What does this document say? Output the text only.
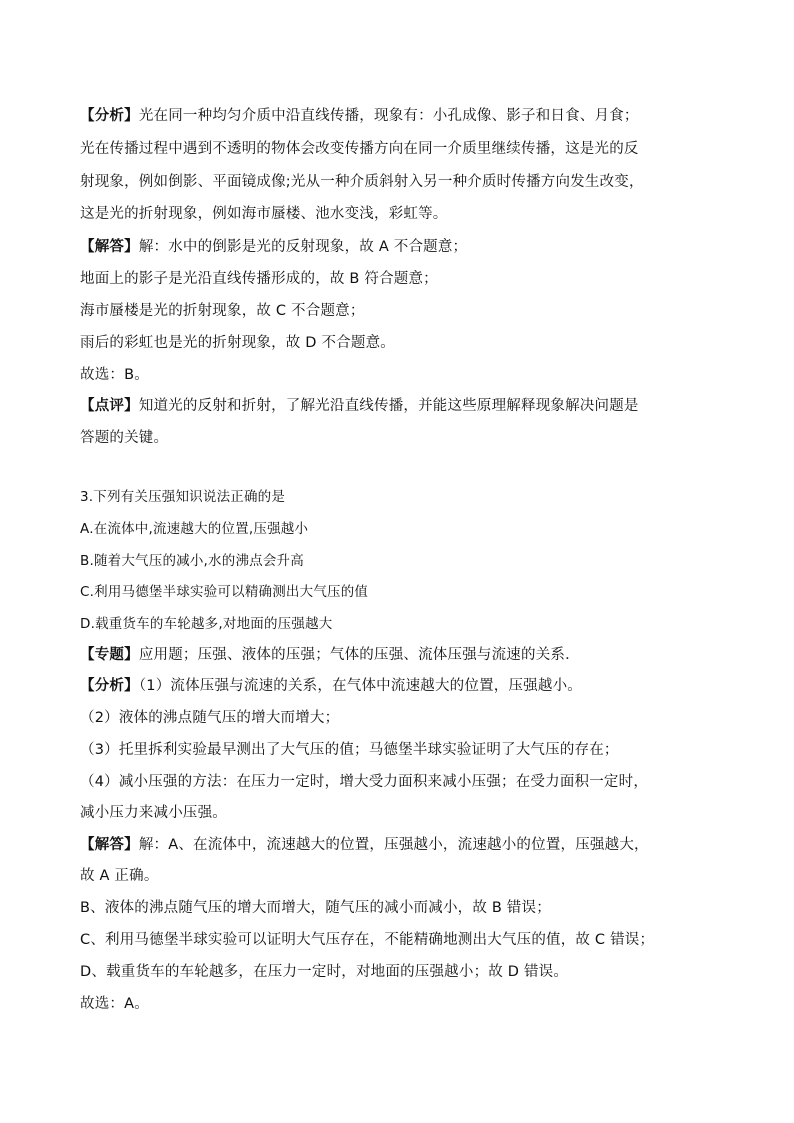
【分析】光在同一种均匀介质中沿直线传播，现象有：小孔成像、影子和日食、月食；
光在传播过程中遇到不透明的物体会改变传播方向在同一介质里继续传播，这是光的反
射现象，例如倒影、平面镜成像;光从一种介质斜射入另一种介质时传播方向发生改变，
这是光的折射现象，例如海市蜃楼、池水变浅，彩虹等。
【解答】解：水中的倒影是光的反射现象，故 A 不合题意；
地面上的影子是光沿直线传播形成的，故 B 符合题意；
海市蜃楼是光的折射现象，故 C 不合题意；
雨后的彩虹也是光的折射现象，故 D 不合题意。
故选：B。
【点评】知道光的反射和折射，了解光沿直线传播，并能这些原理解释现象解决问题是
答题的关键。
3.下列有关压强知识说法正确的是
A.在流体中,流速越大的位置,压强越小
B.随着大气压的减小,水的沸点会升高
C.利用马德堡半球实验可以精确测出大气压的值
D.载重货车的车轮越多,对地面的压强越大
【专题】应用题；压强、液体的压强；气体的压强、流体压强与流速的关系．
【分析】（1）流体压强与流速的关系，在气体中流速越大的位置，压强越小。
（2）液体的沸点随气压的增大而增大；
（3）托里拆利实验最早测出了大气压的值；马德堡半球实验证明了大气压的存在；
（4）减小压强的方法：在压力一定时，增大受力面积来减小压强；在受力面积一定时，
减小压力来减小压强。
【解答】解：A、在流体中，流速越大的位置，压强越小，流速越小的位置，压强越大，
故 A 正确。
B、液体的沸点随气压的增大而增大，随气压的减小而减小，故 B 错误；
C、利用马德堡半球实验可以证明大气压存在，不能精确地测出大气压的值，故 C 错误；
D、载重货车的车轮越多，在压力一定时，对地面的压强越小；故 D 错误。
故选：A。
